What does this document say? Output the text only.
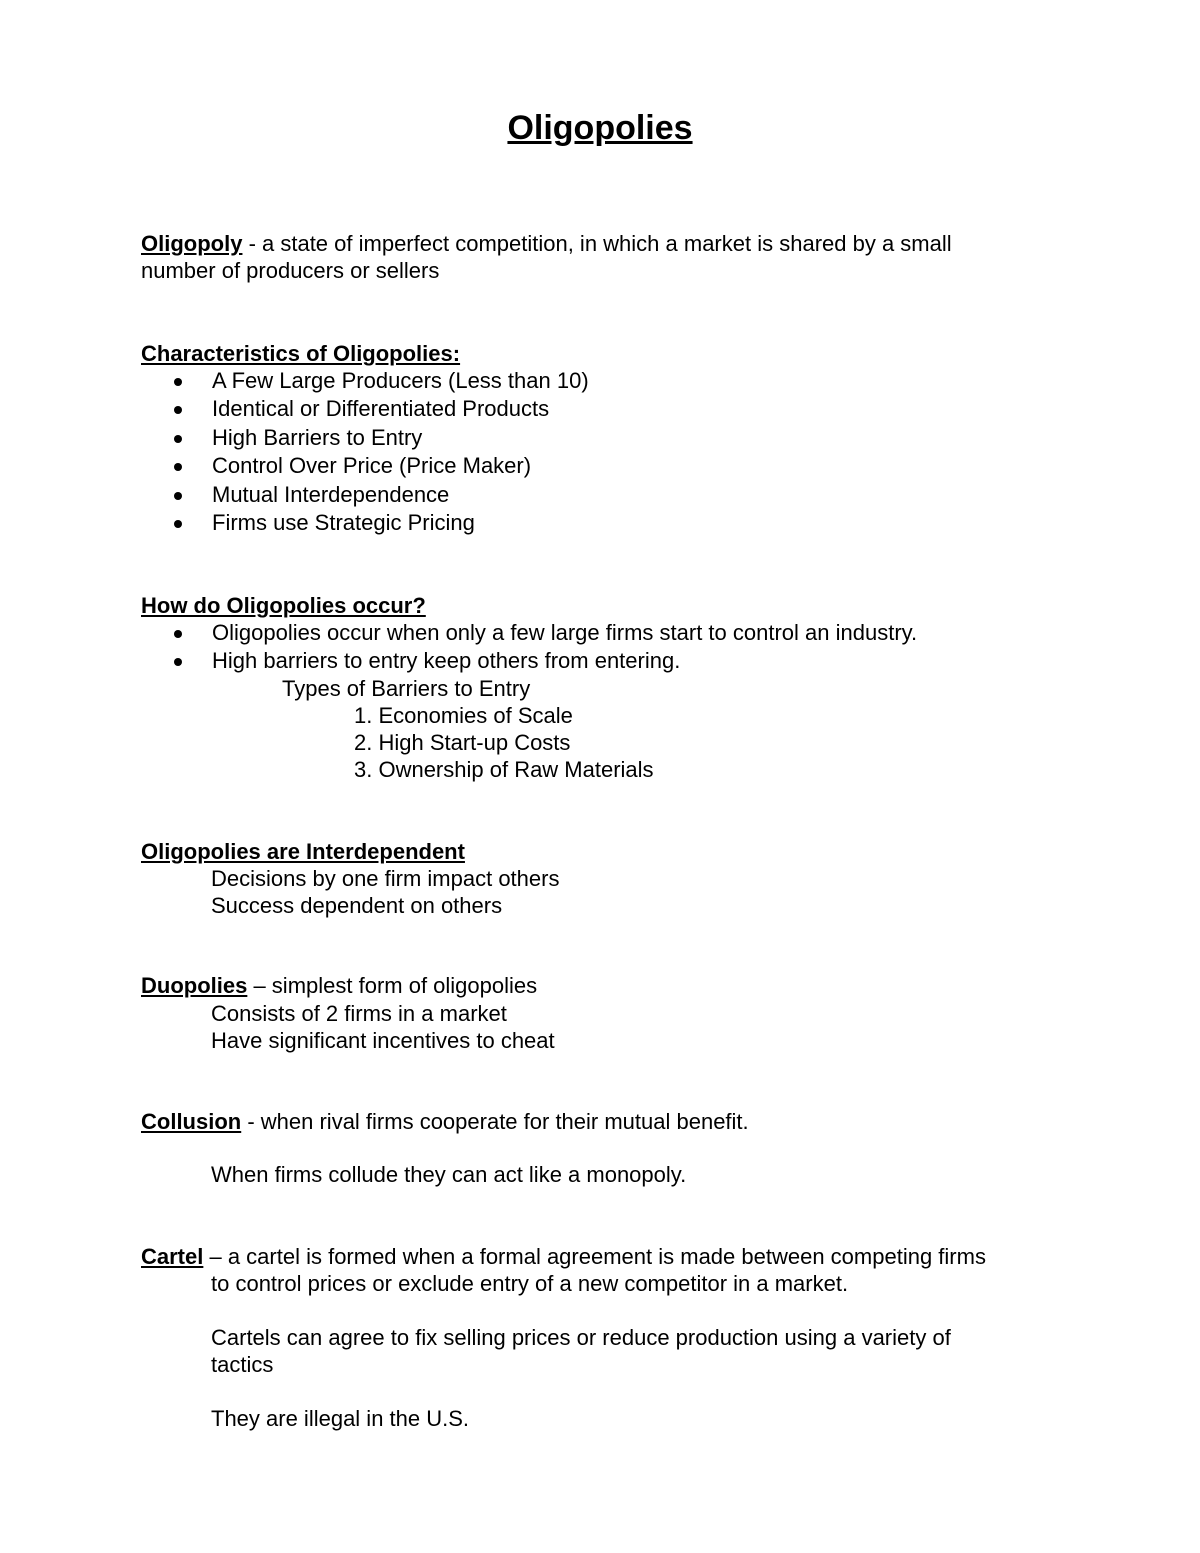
Oligopolies
Oligopoly - a state of imperfect competition, in which a market is shared by a small
number of producers or sellers
Characteristics of Oligopolies:
A Few Large Producers (Less than 10)
Identical or Differentiated Products
High Barriers to Entry
Control Over Price (Price Maker)
Mutual Interdependence
Firms use Strategic Pricing
How do Oligopolies occur?
Oligopolies occur when only a few large firms start to control an industry.
High barriers to entry keep others from entering.
Types of Barriers to Entry
1. Economies of Scale
2. High Start-up Costs
3. Ownership of Raw Materials
Oligopolies are Interdependent
Decisions by one firm impact others
Success dependent on others
Duopolies – simplest form of oligopolies
Consists of 2 firms in a market
Have significant incentives to cheat
Collusion - when rival firms cooperate for their mutual benefit.
When firms collude they can act like a monopoly.
Cartel – a cartel is formed when a formal agreement is made between competing firms
to control prices or exclude entry of a new competitor in a market.
Cartels can agree to fix selling prices or reduce production using a variety of
tactics
They are illegal in the U.S.
